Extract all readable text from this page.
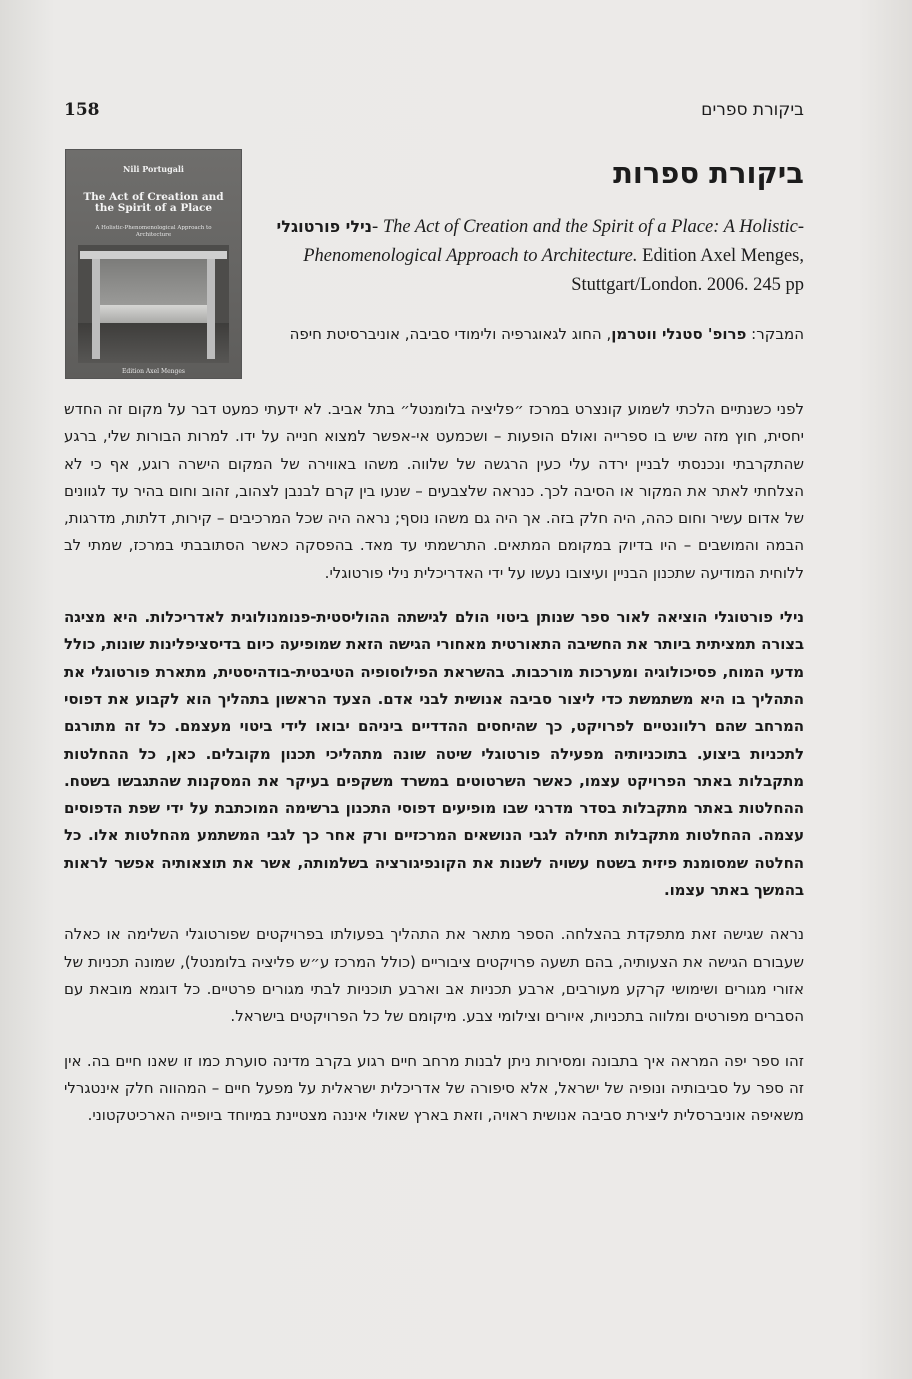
158	ביקורת ספרים
Nili Portugali
The Act of Creation and the Spirit of a Place
A Holistic-Phenomenological Approach to Architecture
Edition Axel Menges
ביקורת ספרות
נילי פורטוגלי- The Act of Creation and the Spirit of a Place: A Holistic-Phenomenological Approach to Architecture. Edition Axel Menges, Stuttgart/London. 2006. 245 pp
המבקר: פרופ' סטנלי ווטרמן, החוג לגאוגרפיה ולימודי סביבה, אוניברסיטת חיפה

לפני כשנתיים הלכתי לשמוע קונצרט במרכז ״פליציה בלומנטל״ בתל אביב. לא ידעתי כמעט דבר על מקום זה החדש יחסית, חוץ מזה שיש בו ספרייה ואולם הופעות – ושכמעט אי-אפשר למצוא חנייה על ידו. למרות הבורות שלי, ברגע שהתקרבתי ונכנסתי לבניין ירדה עלי כעין הרגשה של שלווה. משהו באווירה של המקום הישרה רוגע, אף כי לא הצלחתי לאתר את המקור או הסיבה לכך. כנראה שלצבעים – שנעו בין קרם לבנבן לצהוב, זהוב וחום בהיר עד לגוונים של אדום עשיר וחום כהה, היה חלק בזה. אך היה גם משהו נוסף; נראה היה שכל המרכיבים – קירות, דלתות, מדרגות, הבמה והמושבים – היו בדיוק במקומם המתאים. התרשמתי עד מאד. בהפסקה כאשר הסתובבתי במרכז, שמתי לב ללוחית המודיעה שתכנון הבניין ועיצובו נעשו על ידי האדריכלית נילי פורטוגלי.

נילי פורטוגלי הוציאה לאור ספר שנותן ביטוי הולם לגישתה ההוליסטית-פנומנולוגית לאדריכלות. היא מציגה בצורה תמציתית ביותר את החשיבה התאורטית מאחורי הגישה הזאת שמופיעה כיום בדיסציפלינות שונות, כולל מדעי המוח, פסיכולוגיה ומערכות מורכבות. בהשראת הפילוסופיה הטיבטית-בודהיסטית, מתארת פורטוגלי את התהליך בו היא משתמשת כדי ליצור סביבה אנושית לבני אדם. הצעד הראשון בתהליך הוא לקבוע את דפוסי המרחב שהם רלוונטיים לפרויקט, כך שהיחסים ההדדיים ביניהם יבואו לידי ביטוי מעצמם. כל זה מתורגם לתכניות ביצוע. בתוכניותיה מפעילה פורטוגלי שיטה שונה מתהליכי תכנון מקובלים. כאן, כל ההחלטות מתקבלות באתר הפרויקט עצמו, כאשר השרטוטים במשרד משקפים בעיקר את המסקנות שהתגבשו בשטח. ההחלטות באתר מתקבלות בסדר מדרגי שבו מופיעים דפוסי התכנון ברשימה המוכתבת על ידי שפת הדפוסים עצמה. ההחלטות מתקבלות תחילה לגבי הנושאים המרכזיים ורק אחר כך לגבי המשתמע מהחלטות אלו. כל החלטה שמסומנת פיזית בשטח עשויה לשנות את הקונפיגורציה בשלמותה, אשר את תוצאותיה אפשר לראות בהמשך באתר עצמו.

נראה שגישה זאת מתפקדת בהצלחה. הספר מתאר את התהליך בפעולתו בפרויקטים שפורטוגלי השלימה או כאלה שעבורם הגישה את הצעותיה, בהם תשעה פרויקטים ציבוריים (כולל המרכז ע״ש פליציה בלומנטל), שמונה תכניות של אזורי מגורים ושימושי קרקע מעורבים, ארבע תכניות אב וארבע תוכניות לבתי מגורים פרטיים. כל דוגמא מובאת עם הסברים מפורטים ומלווה בתכניות, איורים וצילומי צבע. מיקומם של כל הפרויקטים בישראל.

זהו ספר יפה המראה איך בתבונה ומסירות ניתן לבנות מרחב חיים רגוע בקרב מדינה סוערת כמו זו שאנו חיים בה. אין זה ספר על סביבותיה ונופיה של ישראל, אלא סיפורה של אדריכלית ישראלית על מפעל חיים – המהווה חלק אינטגרלי משאיפה אוניברסלית ליצירת סביבה אנושית ראויה, וזאת בארץ שאולי איננה מצטיינת במיוחד ביופייה הארכיטקטוני.
